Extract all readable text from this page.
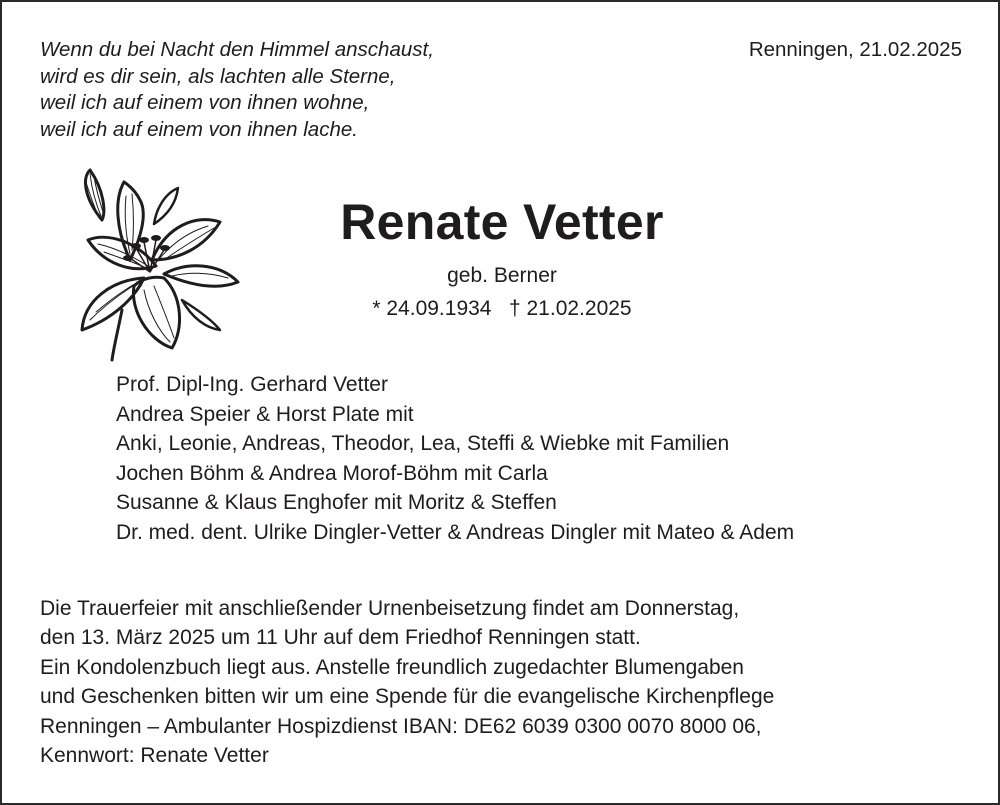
Wenn du bei Nacht den Himmel anschaust,
wird es dir sein, als lachten alle Sterne,
weil ich auf einem von ihnen wohne,
weil ich auf einem von ihnen lache.
Renningen, 21.02.2025
Renate Vetter
geb. Berner
* 24.09.1934   † 21.02.2025
Prof. Dipl-Ing. Gerhard Vetter
Andrea Speier & Horst Plate mit
Anki, Leonie, Andreas, Theodor, Lea, Steffi & Wiebke mit Familien
Jochen Böhm & Andrea Morof-Böhm mit Carla
Susanne & Klaus Enghofer mit Moritz & Steffen
Dr. med. dent. Ulrike Dingler-Vetter & Andreas Dingler mit Mateo & Adem
Die Trauerfeier mit anschließender Urnenbeisetzung findet am Donnerstag,
den 13. März 2025 um 11 Uhr auf dem Friedhof Renningen statt.
Ein Kondolenzbuch liegt aus. Anstelle freundlich zugedachter Blumengaben
und Geschenken bitten wir um eine Spende für die evangelische Kirchenpflege
Renningen – Ambulanter Hospizdienst IBAN: DE62 6039 0300 0070 8000 06,
Kennwort: Renate Vetter
